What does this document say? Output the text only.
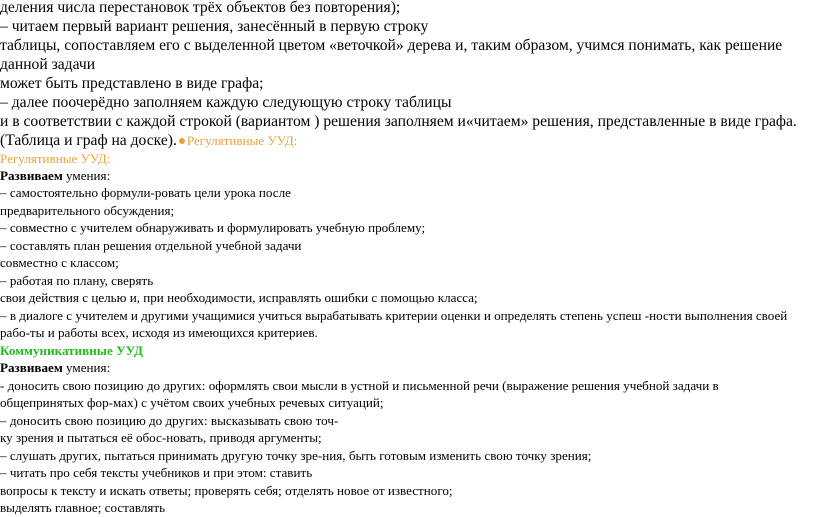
деления числа перестановок трёх объектов без повторения);
– читаем первый вариант решения, занесённый в первую строку
таблицы, сопоставляем его с выделенной цветом «веточкой» дерева и, таким образом, учимся понимать, как решение
данной задачи
может быть представлено в виде графа;
– далее поочерёдно заполняем каждую следующую строку таблицы
и в соответствии с каждой строкой (вариантом ) решения заполняем и«читаем» решения, представленные в виде графа.
(Таблица и граф на доске). Регулятивные УУД:
Регулятивные УУД:
Развиваем умения:
– самостоятельно формули-ровать цели урока после
предварительного обсуждения;
– совместно с учителем обнаруживать и формулировать учебную проблему;
– составлять план решения отдельной учебной задачи
совместно с классом;
– работая по плану, сверять
свои действия с целью и, при необходимости, исправлять ошибки с помощью класса;
– в диалоге с учителем и другими учащимися учиться вырабатывать критерии оценки и определять степень успеш -ности выполнения своей
рабо-ты и работы всех, исходя из имеющихся критериев.
Коммуникативные УУД
Развиваем умения:
- доносить свою позицию до других: оформлять свои мысли в устной и письменной речи (выражение решения учебной задачи в
общепринятых фор-мах) с учётом своих учебных речевых ситуаций;
– доносить свою позицию до других: высказывать свою точ-
ку зрения и пытаться её обос-новать, приводя аргументы;
– слушать других, пытаться принимать другую точку зре-ния, быть готовым изменить свою точку зрения;
– читать про себя тексты учебников и при этом: ставить
вопросы к тексту и искать ответы; проверять себя; отделять новое от известного;
выделять главное; составлять
